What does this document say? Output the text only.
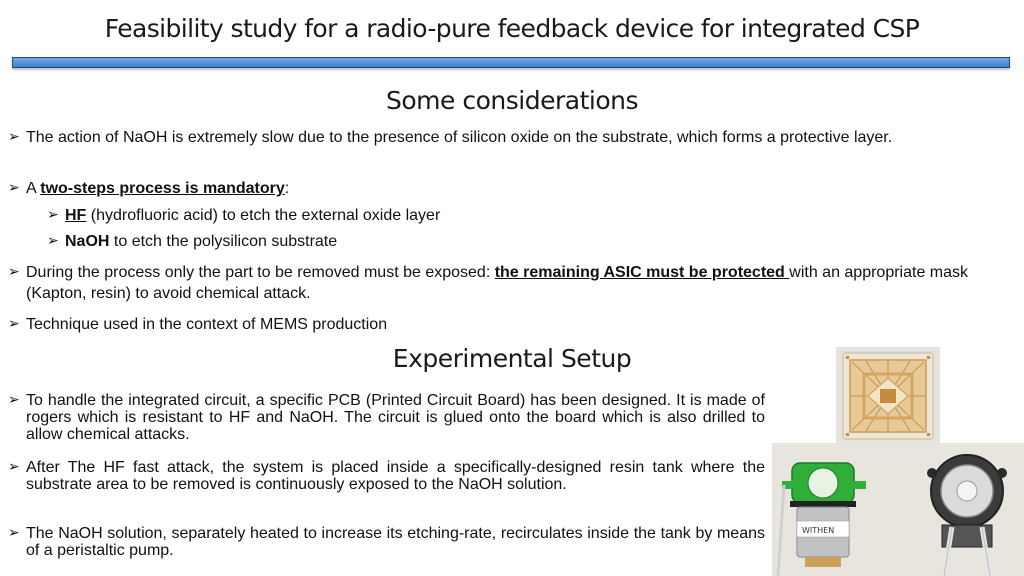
Feasibility study for a radio-pure feedback device for integrated CSP
Some considerations
➢ The action of NaOH is extremely slow due to the presence of silicon oxide on the substrate, which forms a protective layer.
➢ A two-steps process is mandatory:
➢ HF (hydrofluoric acid) to etch the external oxide layer
➢ NaOH to etch the polysilicon substrate
➢ During the process only the part to be removed must be exposed: the remaining ASIC must be protected with an appropriate mask (Kapton, resin) to avoid chemical attack.
➢ Technique used in the context of MEMS production
Experimental Setup
➢ To handle the integrated circuit, a specific PCB (Printed Circuit Board) has been designed. It is made of rogers which is resistant to HF and NaOH. The circuit is glued onto the board which is also drilled to allow chemical attacks.
➢ After The HF fast attack, the system is placed inside a specifically-designed resin tank where the substrate area to be removed is continuously exposed to the NaOH solution.
➢ The NaOH solution, separately heated to increase its etching-rate, recirculates inside the tank by means of a peristaltic pump.
WITHEN
